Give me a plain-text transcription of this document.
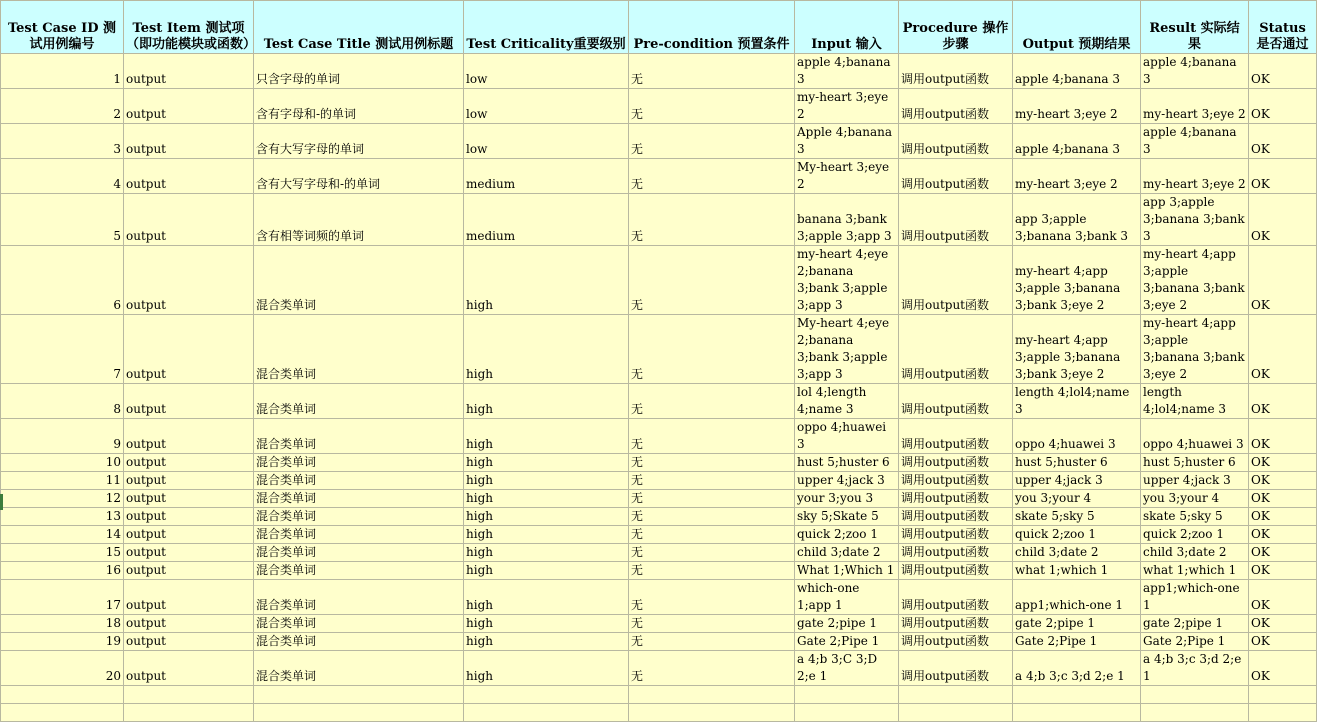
Test Case ID 测试用例编号	Test Item 测试项（即功能模块或函数）	Test Case Title 测试用例标题	Test Criticality重要级别	Pre-condition 预置条件	Input 输入	Procedure 操作步骤	Output 预期结果	Result 实际结果	Status 是否通过
1	output	只含字母的单词	low	无	apple 4;banana 3	调用output函数	apple 4;banana 3	apple 4;banana 3	OK
2	output	含有字母和-的单词	low	无	my-heart 3;eye 2	调用output函数	my-heart 3;eye 2	my-heart 3;eye 2	OK
3	output	含有大写字母的单词	low	无	Apple 4;banana 3	调用output函数	apple 4;banana 3	apple 4;banana 3	OK
4	output	含有大写字母和-的单词	medium	无	My-heart 3;eye 2	调用output函数	my-heart 3;eye 2	my-heart 3;eye 2	OK
5	output	含有相等词频的单词	medium	无	banana 3;bank 3;apple 3;app 3	调用output函数	app 3;apple 3;banana 3;bank 3	app 3;apple 3;banana 3;bank 3	OK
6	output	混合类单词	high	无	my-heart 4;eye 2;banana 3;bank 3;apple 3;app 3	调用output函数	my-heart 4;app 3;apple 3;banana 3;bank 3;eye 2	my-heart 4;app 3;apple 3;banana 3;bank 3;eye 2	OK
7	output	混合类单词	high	无	My-heart 4;eye 2;banana 3;bank 3;apple 3;app 3	调用output函数	my-heart 4;app 3;apple 3;banana 3;bank 3;eye 2	my-heart 4;app 3;apple 3;banana 3;bank 3;eye 2	OK
8	output	混合类单词	high	无	lol 4;length 4;name 3	调用output函数	length 4;lol4;name 3	length 4;lol4;name 3	OK
9	output	混合类单词	high	无	oppo 4;huawei 3	调用output函数	oppo 4;huawei 3	oppo 4;huawei 3	OK
10	output	混合类单词	high	无	hust 5;huster 6	调用output函数	hust 5;huster 6	hust 5;huster 6	OK
11	output	混合类单词	high	无	upper 4;jack 3	调用output函数	upper 4;jack 3	upper 4;jack 3	OK
12	output	混合类单词	high	无	your 3;you 3	调用output函数	you 3;your 4	you 3;your 4	OK
13	output	混合类单词	high	无	sky 5;Skate 5	调用output函数	skate 5;sky 5	skate 5;sky 5	OK
14	output	混合类单词	high	无	quick 2;zoo 1	调用output函数	quick 2;zoo 1	quick 2;zoo 1	OK
15	output	混合类单词	high	无	child 3;date 2	调用output函数	child 3;date 2	child 3;date 2	OK
16	output	混合类单词	high	无	What 1;Which 1	调用output函数	what 1;which 1	what 1;which 1	OK
17	output	混合类单词	high	无	which-one 1;app 1	调用output函数	app1;which-one 1	app1;which-one 1	OK
18	output	混合类单词	high	无	gate 2;pipe 1	调用output函数	gate 2;pipe 1	gate 2;pipe 1	OK
19	output	混合类单词	high	无	Gate 2;Pipe 1	调用output函数	Gate 2;Pipe 1	Gate 2;Pipe 1	OK
20	output	混合类单词	high	无	a 4;b 3;C 3;D 2;e 1	调用output函数	a 4;b 3;c 3;d 2;e 1	a 4;b 3;c 3;d 2;e 1	OK
